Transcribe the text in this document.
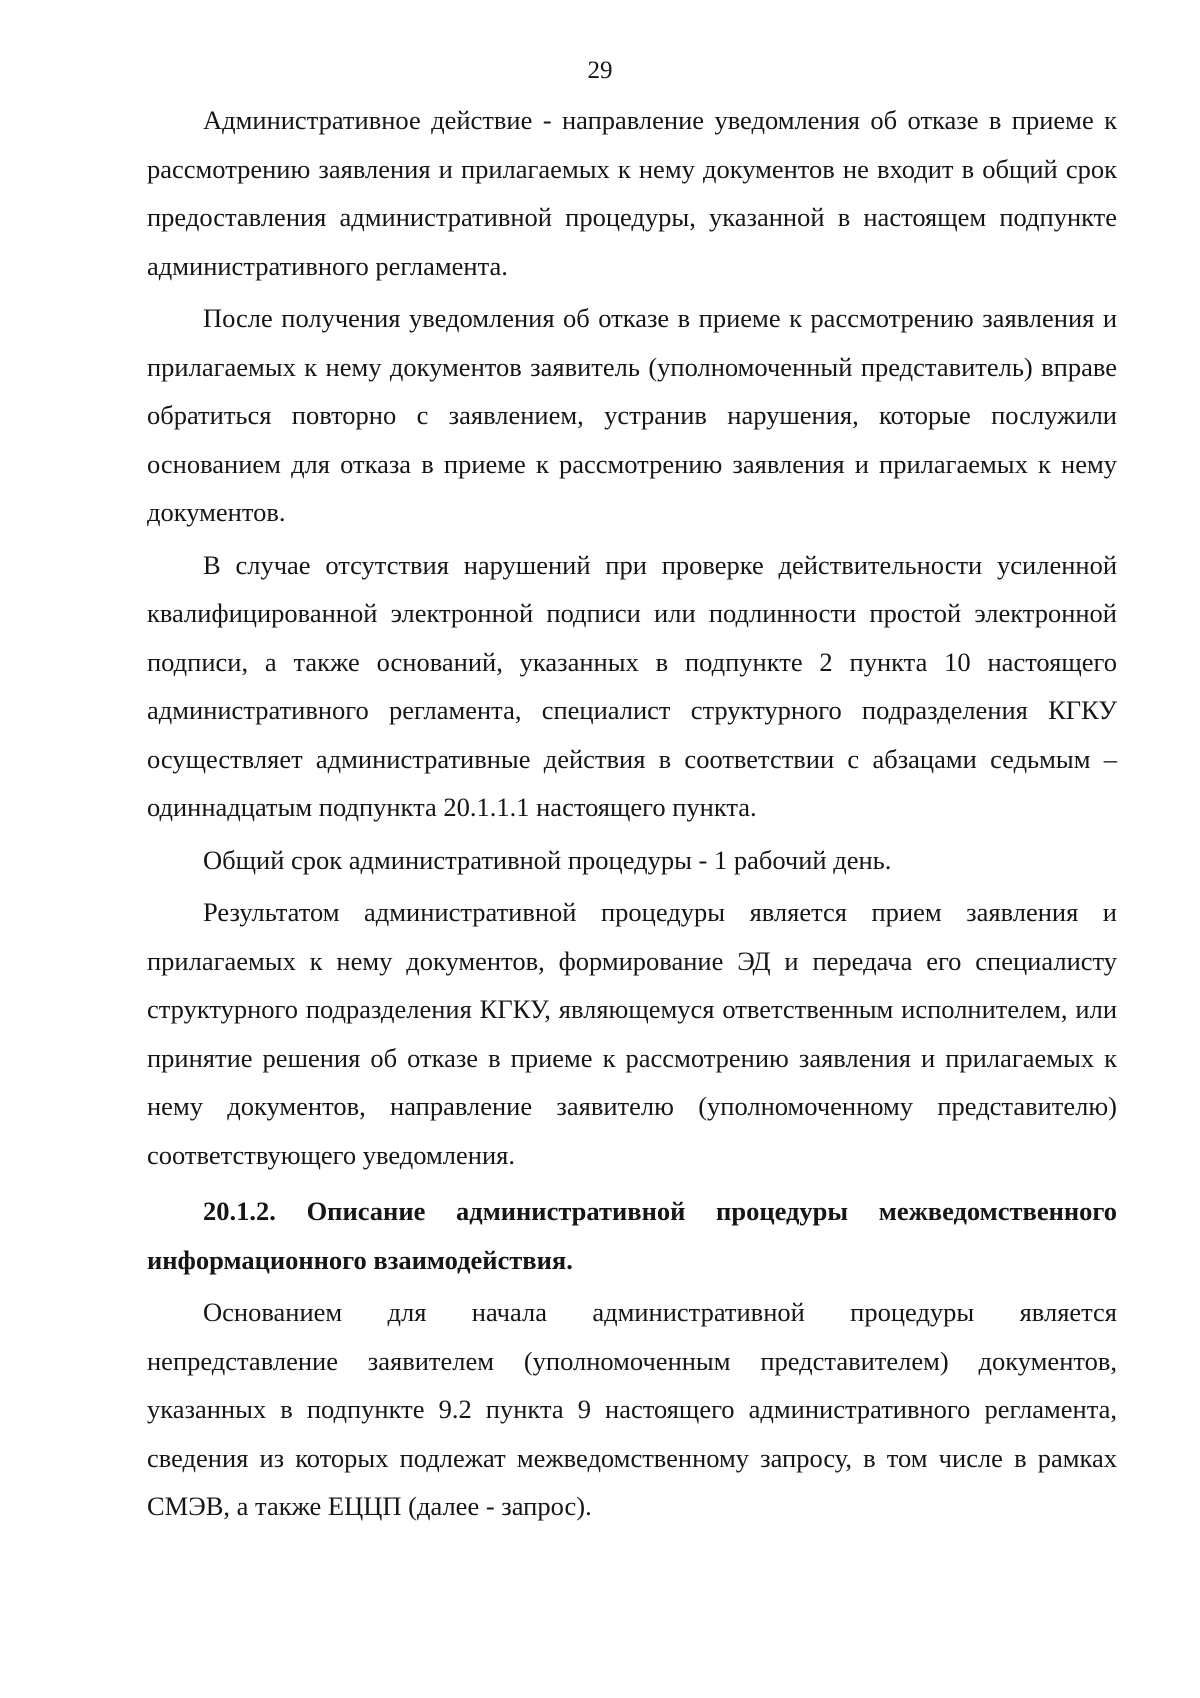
29

Административное действие - направление уведомления об отказе в приеме к рассмотрению заявления и прилагаемых к нему документов не входит в общий срок предоставления административной процедуры, указанной в настоящем подпункте административного регламента.

После получения уведомления об отказе в приеме к рассмотрению заявления и прилагаемых к нему документов заявитель (уполномоченный представитель) вправе обратиться повторно с заявлением, устранив нарушения, которые послужили основанием для отказа в приеме к рассмотрению заявления и прилагаемых к нему документов.

В случае отсутствия нарушений при проверке действительности усиленной квалифицированной электронной подписи или подлинности простой электронной подписи, а также оснований, указанных в подпункте 2 пункта 10 настоящего административного регламента, специалист структурного подразделения КГКУ осуществляет административные действия в соответствии с абзацами седьмым – одиннадцатым подпункта 20.1.1.1 настоящего пункта.

Общий срок административной процедуры - 1 рабочий день.

Результатом административной процедуры является прием заявления и прилагаемых к нему документов, формирование ЭД и передача его специалисту структурного подразделения КГКУ, являющемуся ответственным исполнителем, или принятие решения об отказе в приеме к рассмотрению заявления и прилагаемых к нему документов, направление заявителю (уполномоченному представителю) соответствующего уведомления.

20.1.2. Описание административной процедуры межведомственного информационного взаимодействия.

Основанием для начала административной процедуры является непредставление заявителем (уполномоченным представителем) документов, указанных в подпункте 9.2 пункта 9 настоящего административного регламента, сведения из которых подлежат межведомственному запросу, в том числе в рамках СМЭВ, а также ЕЦЦП (далее - запрос).
